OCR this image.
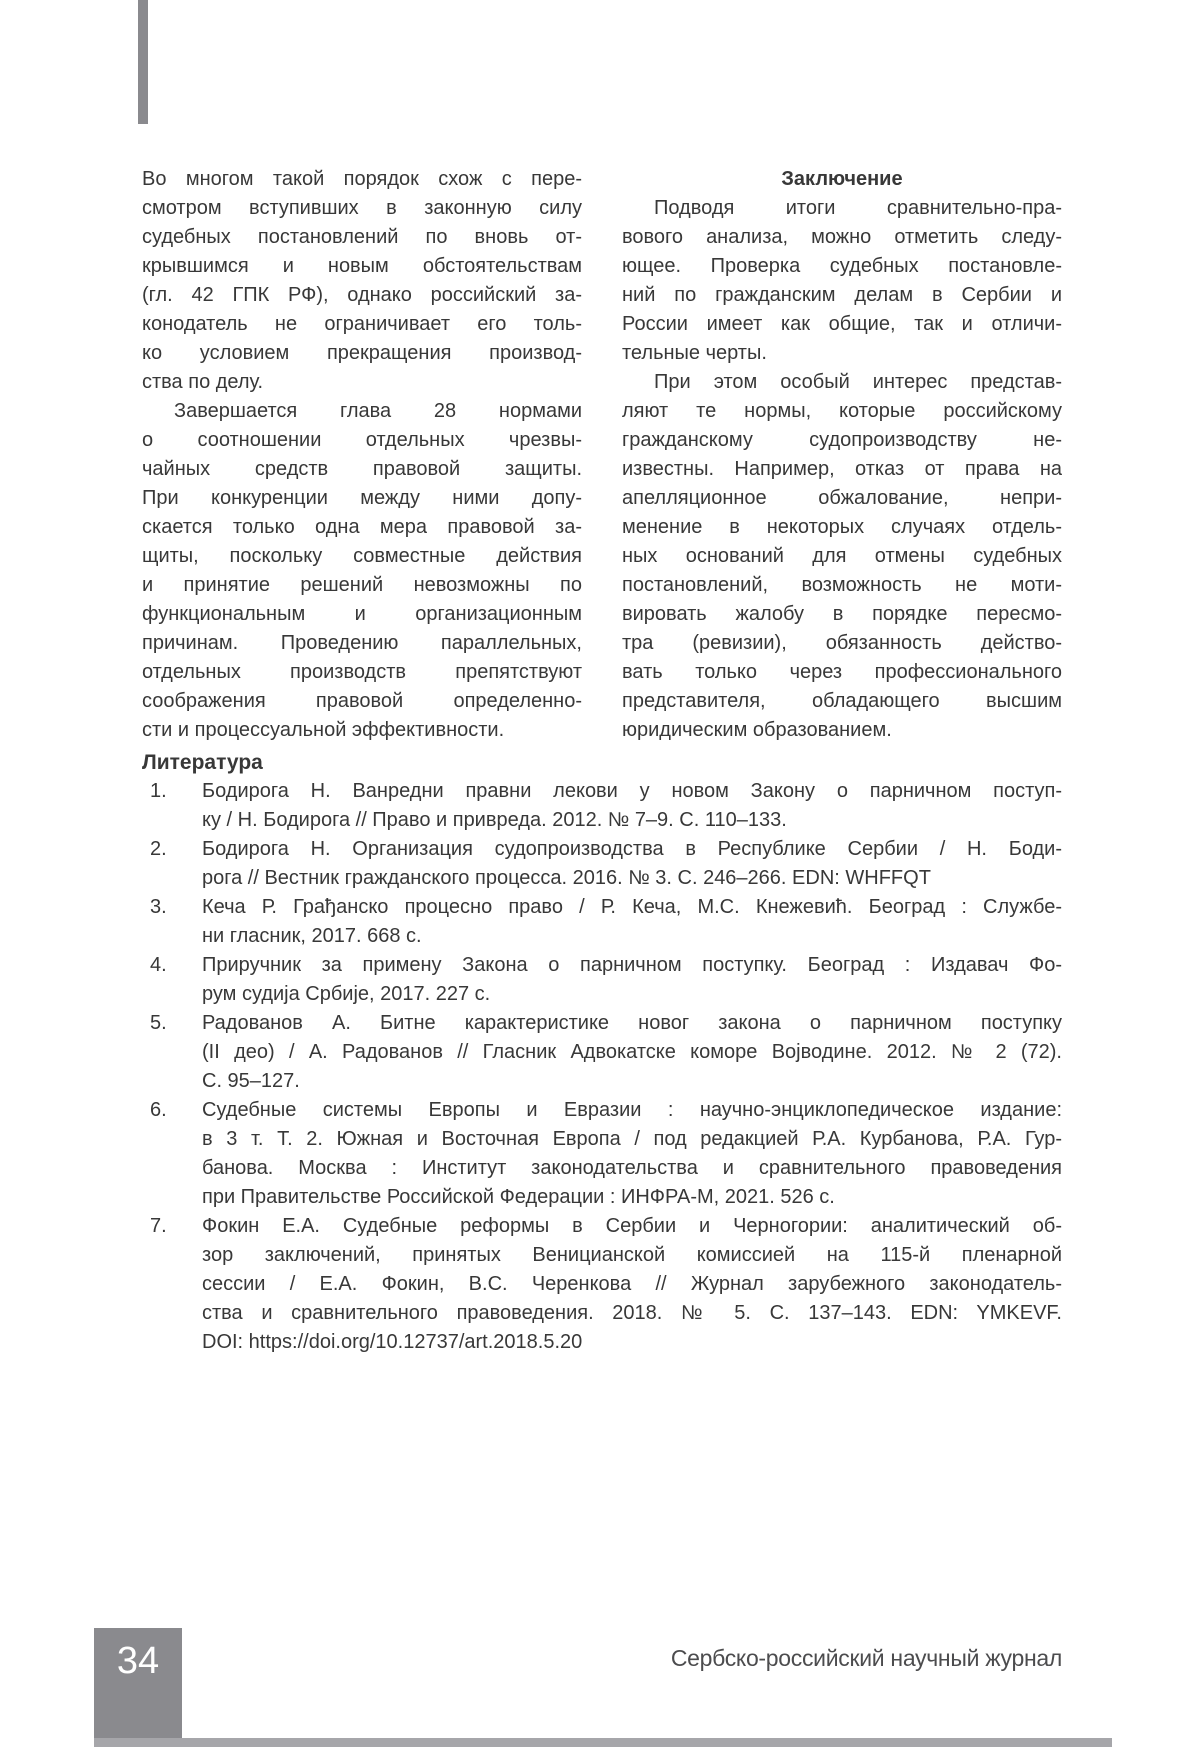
Во многом такой порядок схож с пере-
смотром вступивших в законную силу
судебных постановлений по вновь от-
крывшимся и новым обстоятельствам
(гл. 42 ГПК РФ), однако российский за-
конодатель не ограничивает его толь-
ко условием прекращения производ-
ства по делу.
Завершается глава 28 нормами
о соотношении отдельных чрезвы-
чайных средств правовой защиты.
При конкуренции между ними допу-
скается только одна мера правовой за-
щиты, поскольку совместные действия
и принятие решений невозможны по
функциональным и организационным
причинам. Проведению параллельных,
отдельных производств препятствуют
соображения правовой определенно-
сти и процессуальной эффективности.
Заключение
Подводя итоги сравнительно-пра-
вового анализа, можно отметить следу-
ющее. Проверка судебных постановле-
ний по гражданским делам в Сербии и
России имеет как общие, так и отличи-
тельные черты.
При этом особый интерес представ-
ляют те нормы, которые российскому
гражданскому судопроизводству не-
известны. Например, отказ от права на
апелляционное обжалование, непри-
менение в некоторых случаях отдель-
ных оснований для отмены судебных
постановлений, возможность не моти-
вировать жалобу в порядке пересмо-
тра (ревизии), обязанность действо-
вать только через профессионального
представителя, обладающего высшим
юридическим образованием.
Литература
1.	Бодирога Н. Ванредни правни лекови у новом Закону о парничном поступ-
ку / Н. Бодирога // Право и привреда. 2012. № 7–9. С. 110–133.
2.	Бодирога Н. Организация судопроизводства в Республике Сербии / Н. Боди-
рога // Вестник гражданского процесса. 2016. № 3. С. 246–266. EDN: WHFFQT
3.	Кеча Р. Грађанско процесно право / Р. Кеча, М.С. Кнежевић. Београд : Службе-
ни гласник, 2017. 668 с.
4.	Приручник за примену Закона о парничном поступку. Београд : Издавач Фо-
рум судија Србије, 2017. 227 с.
5.	Радованов А. Битне карактеристике новог закона о парничном поступку
(II део) / А. Радованов // Гласник Адвокатске коморе Војводине. 2012. № 2 (72).
С. 95–127.
6.	Судебные системы Европы и Евразии : научно-энциклопедическое издание:
в 3 т. Т. 2. Южная и Восточная Европа / под редакцией Р.А. Курбанова, Р.А. Гур-
банова. Москва : Институт законодательства и сравнительного правоведения
при Правительстве Российской Федерации : ИНФРА-М, 2021. 526 с.
7.	Фокин Е.А. Судебные реформы в Сербии и Черногории: аналитический об-
зор заключений, принятых Веницианской комиссией на 115-й пленарной
сессии / Е.А. Фокин, В.С. Черенкова // Журнал зарубежного законодатель-
ства и сравнительного правоведения. 2018. № 5. С. 137–143. EDN: YMKEVF.
DOI: https://doi.org/10.12737/art.2018.5.20
34	Сербско-российский научный журнал
